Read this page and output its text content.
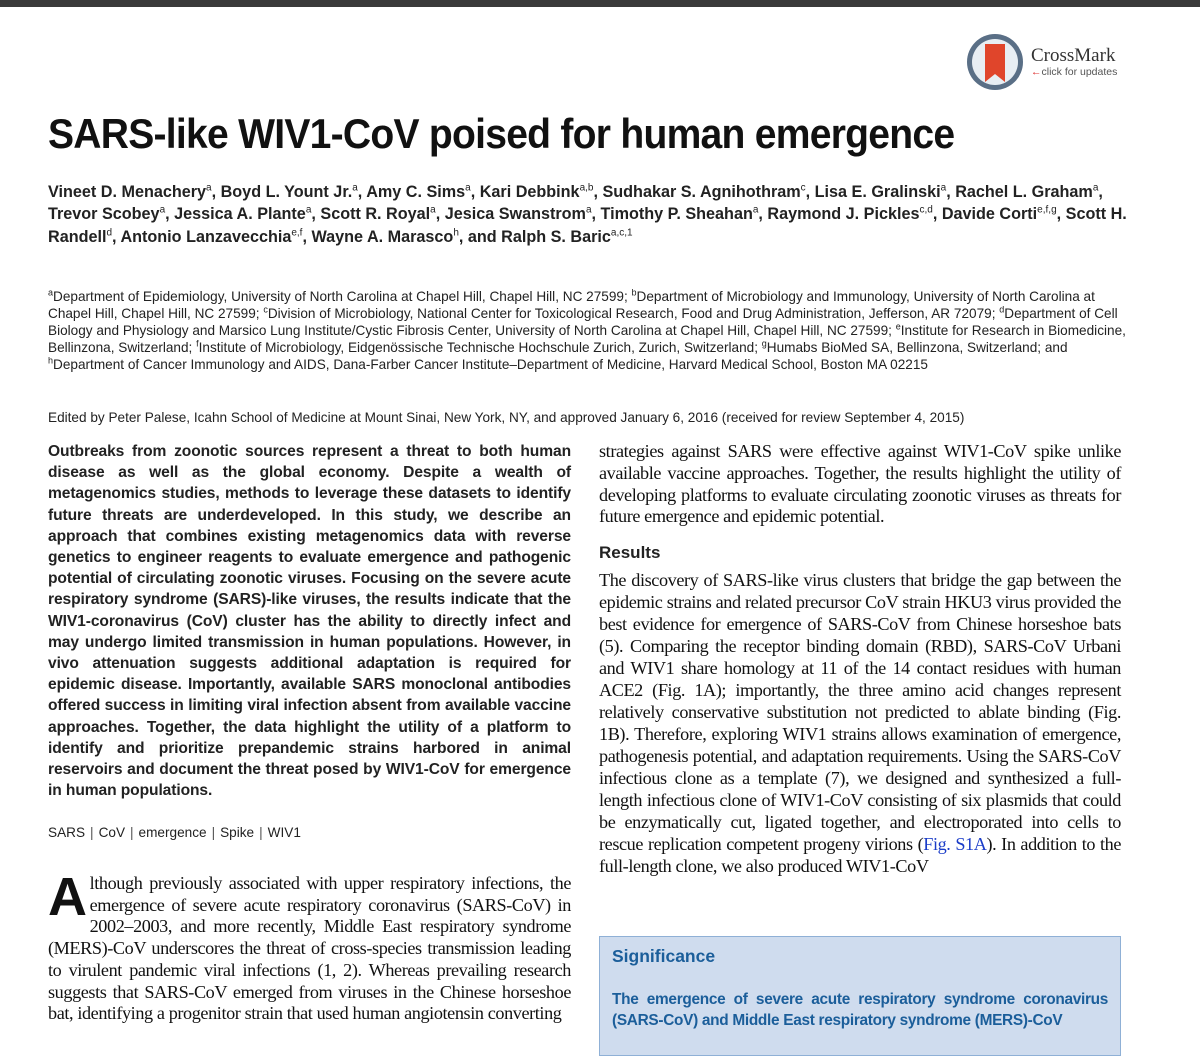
CrossMark
←click for updates
SARS-like WIV1-CoV poised for human emergence
Vineet D. Menachery$^a$, Boyd L. Yount Jr.$^a$, Amy C. Sims$^a$, Kari Debbink$^{a,b}$, Sudhakar S. Agnihothram$^c$, Lisa E. Gralinski$^a$, Rachel L. Graham$^a$, Trevor Scobey$^a$, Jessica A. Plante$^a$, Scott R. Royal$^a$, Jesica Swanstrom$^a$, Timothy P. Sheahan$^a$, Raymond J. Pickles$^{c,d}$, Davide Corti$^{e,f,g}$, Scott H. Randell$^d$, Antonio Lanzavecchia$^{e,f}$, Wayne A. Marasco$^h$, and Ralph S. Baric$^{a,c,1}$
$^a$Department of Epidemiology, University of North Carolina at Chapel Hill, Chapel Hill, NC 27599; $^b$Department of Microbiology and Immunology, University of North Carolina at Chapel Hill, Chapel Hill, NC 27599; $^c$Division of Microbiology, National Center for Toxicological Research, Food and Drug Administration, Jefferson, AR 72079; $^d$Department of Cell Biology and Physiology and Marsico Lung Institute/Cystic Fibrosis Center, University of North Carolina at Chapel Hill, Chapel Hill, NC 27599; $^e$Institute for Research in Biomedicine, Bellinzona, Switzerland; $^f$Institute of Microbiology, Eidgenössische Technische Hochschule Zurich, Zurich, Switzerland; $^g$Humabs BioMed SA, Bellinzona, Switzerland; and $^h$Department of Cancer Immunology and AIDS, Dana-Farber Cancer Institute–Department of Medicine, Harvard Medical School, Boston MA 02215
Edited by Peter Palese, Icahn School of Medicine at Mount Sinai, New York, NY, and approved January 6, 2016 (received for review September 4, 2015)
Outbreaks from zoonotic sources represent a threat to both human disease as well as the global economy. Despite a wealth of metagenomics studies, methods to leverage these datasets to identify future threats are underdeveloped. In this study, we describe an approach that combines existing metagenomics data with reverse genetics to engineer reagents to evaluate emergence and pathogenic potential of circulating zoonotic viruses. Focusing on the severe acute respiratory syndrome (SARS)-like viruses, the results indicate that the WIV1-coronavirus (CoV) cluster has the ability to directly infect and may undergo limited transmission in human populations. However, in vivo attenuation suggests additional adaptation is required for epidemic disease. Importantly, available SARS monoclonal antibodies offered success in limiting viral infection absent from available vaccine approaches. Together, the data highlight the utility of a platform to identify and prioritize prepandemic strains harbored in animal reservoirs and document the threat posed by WIV1-CoV for emergence in human populations.
SARS | CoV | emergence | Spike | WIV1
Although previously associated with upper respiratory infections, the emergence of severe acute respiratory coronavirus (SARS-CoV) in 2002–2003, and more recently, Middle East respiratory syndrome (MERS)-CoV underscores the threat of cross-species transmission leading to virulent pandemic viral infections (1, 2). Whereas prevailing research suggests that SARS-CoV emerged from viruses in the Chinese horseshoe bat, identifying a progenitor strain that used human angiotensin converting
strategies against SARS were effective against WIV1-CoV spike unlike available vaccine approaches. Together, the results highlight the utility of developing platforms to evaluate circulating zoonotic viruses as threats for future emergence and epidemic potential.
Results
The discovery of SARS-like virus clusters that bridge the gap between the epidemic strains and related precursor CoV strain HKU3 virus provided the best evidence for emergence of SARS-CoV from Chinese horseshoe bats (5). Comparing the receptor binding domain (RBD), SARS-CoV Urbani and WIV1 share homology at 11 of the 14 contact residues with human ACE2 (Fig. 1A); importantly, the three amino acid changes represent relatively conservative substitution not predicted to ablate binding (Fig. 1B). Therefore, exploring WIV1 strains allows examination of emergence, pathogenesis potential, and adaptation requirements. Using the SARS-CoV infectious clone as a template (7), we designed and synthesized a full-length infectious clone of WIV1-CoV consisting of six plasmids that could be enzymatically cut, ligated together, and electroporated into cells to rescue replication competent progeny virions (Fig. S1A). In addition to the full-length clone, we also produced WIV1-CoV
Significance
The emergence of severe acute respiratory syndrome coronavirus (SARS-CoV) and Middle East respiratory syndrome (MERS)-CoV
